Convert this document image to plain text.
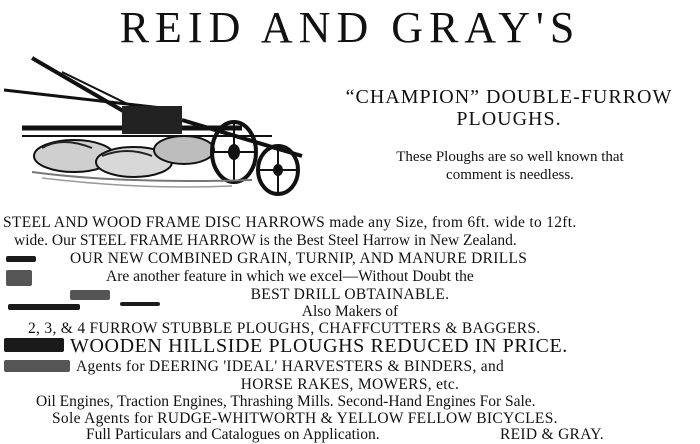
REID AND GRAY'S
“CHAMPION” DOUBLE-FURROW
PLOUGHS.
These Ploughs are so well known that
comment is needless.
STEEL AND WOOD FRAME DISC HARROWS made any Size, from 6ft. wide to 12ft.
wide. Our STEEL FRAME HARROW is the Best Steel Harrow in New Zealand.
OUR NEW COMBINED GRAIN, TURNIP, AND MANURE DRILLS
Are another feature in which we excel—Without Doubt the
BEST DRILL OBTAINABLE.
Also Makers of
2, 3, & 4 FURROW STUBBLE PLOUGHS, CHAFFCUTTERS & BAGGERS.
WOODEN HILLSIDE PLOUGHS REDUCED IN PRICE.
Agents for DEERING 'IDEAL' HARVESTERS & BINDERS, and
HORSE RAKES, MOWERS, etc.
Oil Engines, Traction Engines, Thrashing Mills. Second-Hand Engines For Sale.
Sole Agents for RUDGE-WHITWORTH & YELLOW FELLOW BICYCLES.
Full Particulars and Catalogues on Application.	REID & GRAY.
